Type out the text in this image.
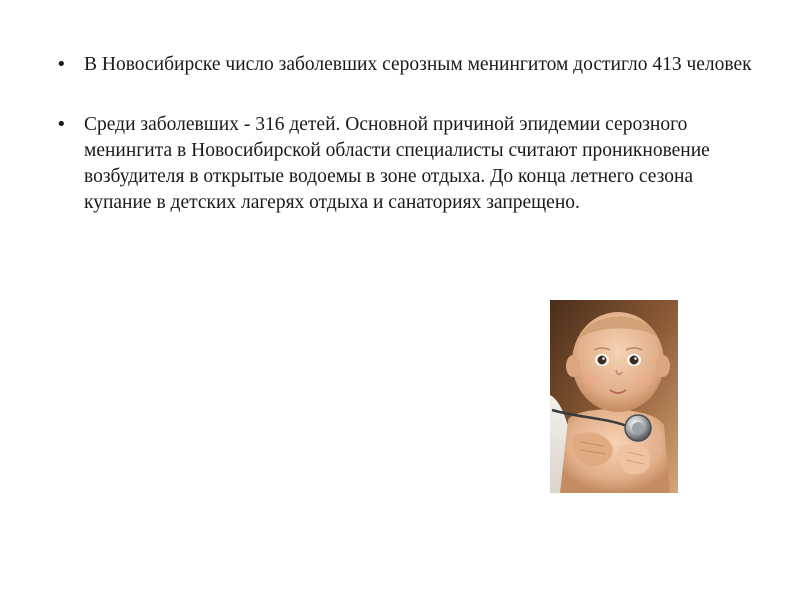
• В Новосибирске число заболевших серозным менингитом достигло 413 человек
• Среди заболевших - 316 детей. Основной причиной эпидемии серозного менингита в Новосибирской области специалисты считают проникновение возбудителя в открытые водоемы в зоне отдыха. До конца летнего сезона купание в детских лагерях отдыха и санаториях запрещено.
